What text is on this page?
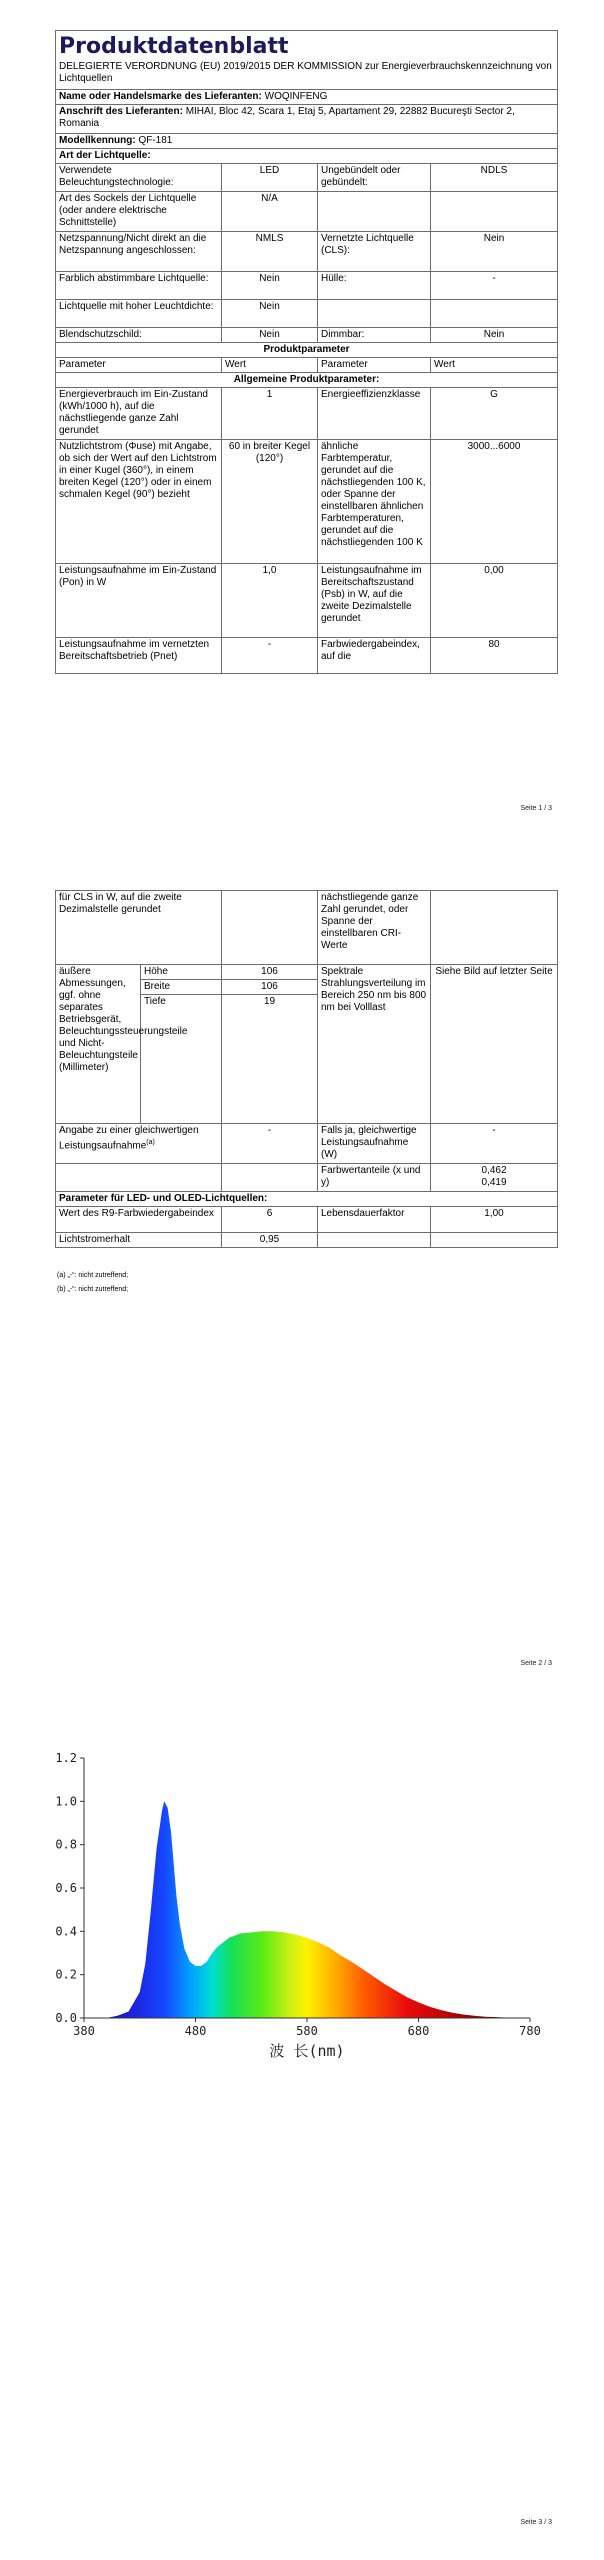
Produktdatenblatt
DELEGIERTE VERORDNUNG (EU) 2019/2015 DER KOMMISSION zur Energieverbrauchskennzeichnung von Lichtquellen			

Name oder Handelsmarke des Lieferanten: WOQINFENG			
Anschrift des Lieferanten: MIHAI, Bloc 42, Scara 1, Etaj 5, Apartament 29, 22882 Bucureşti Sector 2, Romania			
Modellkennung: QF-181			
Art der Lichtquelle:			
Verwendete Beleuchtungstechnologie:	LED	Ungebündelt oder gebündelt:	NDLS
Art des Sockels der Lichtquelle (oder andere elektrische Schnittstelle)	N/A		
Netzspannung/Nicht direkt an die Netzspannung angeschlossen:	NMLS	Vernetzte Lichtquelle (CLS):	Nein
Farblich abstimmbare Lichtquelle:	Nein	Hülle:	-
Lichtquelle mit hoher Leuchtdichte:	Nein		
Blendschutzschild:	Nein	Dimmbar:	Nein
Produktparameter			
Parameter	Wert	Parameter	Wert
Allgemeine Produktparameter:			
Energieverbrauch im Ein-Zustand (kWh/1000 h), auf die nächstliegende ganze Zahl gerundet	1	Energieeffizienzklasse	G
Nutzlichtstrom (Φuse) mit Angabe, ob sich der Wert auf den Lichtstrom in einer Kugel (360°), in einem breiten Kegel (120°) oder in einem schmalen Kegel (90°) bezieht	60 in breiter Kegel (120°)	ähnliche Farbtemperatur, gerundet auf die nächstliegenden 100 K, oder Spanne der einstellbaren ähnlichen Farbtemperaturen, gerundet auf die nächstliegenden 100 K	3000...6000
Leistungsaufnahme im Ein-Zustand (Pon) in W	1,0	Leistungsaufnahme im Bereitschaftszustand (Psb) in W, auf die zweite Dezimalstelle gerundet	0,00
Leistungsaufnahme im vernetzten Bereitschaftsbetrieb (Pnet)	-	Farbwiedergabeindex, auf die	80
Seite 1 / 3
für CLS in W, auf die zweite Dezimalstelle gerundet			nächstliegende ganze Zahl gerundet, oder Spanne der einstellbaren CRI-Werte	
äußere Abmessungen, ggf. ohne separates Betriebsgerät, Beleuchtungssteuerungsteile und Nicht-Beleuchtungsteile (Millimeter)	Höhe	106	Spektrale Strahlungsverteilung im Bereich 250 nm bis 800 nm bei Volllast	Siehe Bild auf letzter Seite
	Breite	106		
	Tiefe	19		
Angabe zu einer gleichwertigen Leistungsaufnahme$^{(a)}$		-	Falls ja, gleichwertige Leistungsaufnahme (W)	-
			Farbwertanteile (x und y)	0,462
0,419
Parameter für LED- und OLED-Lichtquellen:				
Wert des R9-Farbwiedergabeindex		6	Lebensdauerfaktor	1,00
Lichtstromerhalt		0,95		
(a) „-“: nicht zutreffend;
(b) „-“: nicht zutreffend;
Seite 2 / 3
0.0
0.2
0.4
0.6
0.8
1.0
1.2
380	480	580	680	780
波 长(nm)
Seite 3 / 3
